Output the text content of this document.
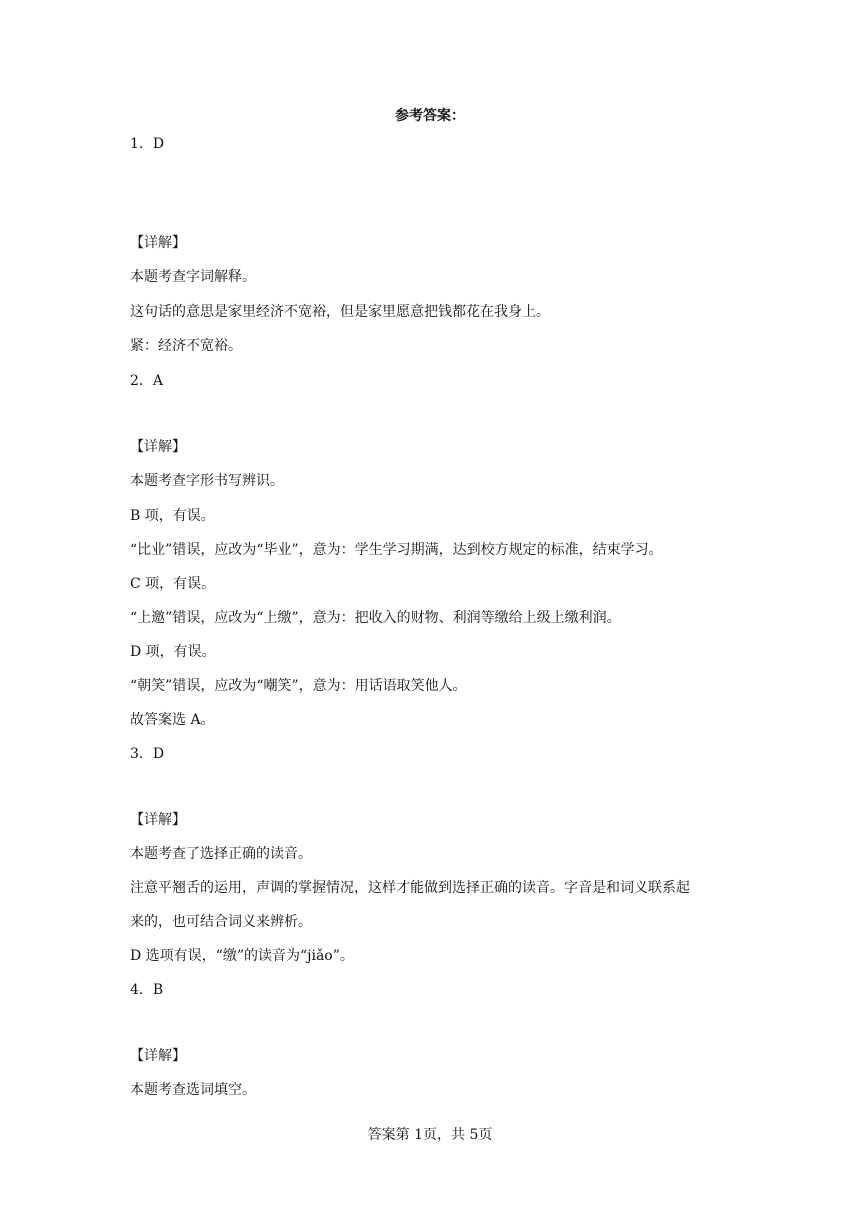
参考答案：
1．D
【详解】
本题考查字词解释。
这句话的意思是家里经济不宽裕，但是家里愿意把钱都花在我身上。
紧：经济不宽裕。
2．A
【详解】
本题考查字形书写辨识。
B 项，有误。
“比业”错误，应改为“毕业”，意为：学生学习期满，达到校方规定的标准，结束学习。
C 项，有误。
“上邀”错误，应改为“上缴”，意为：把收入的财物、利润等缴给上级上缴利润。
D 项，有误。
“朝笑”错误，应改为“嘲笑”，意为：用话语取笑他人。
故答案选 A。
3．D
【详解】
本题考查了选择正确的读音。
注意平翘舌的运用，声调的掌握情况，这样才能做到选择正确的读音。字音是和词义联系起
来的，也可结合词义来辨析。
D 选项有误，“缴”的读音为“jiǎo”。
4．B
【详解】
本题考查选词填空。
答案第 1页，共 5页
